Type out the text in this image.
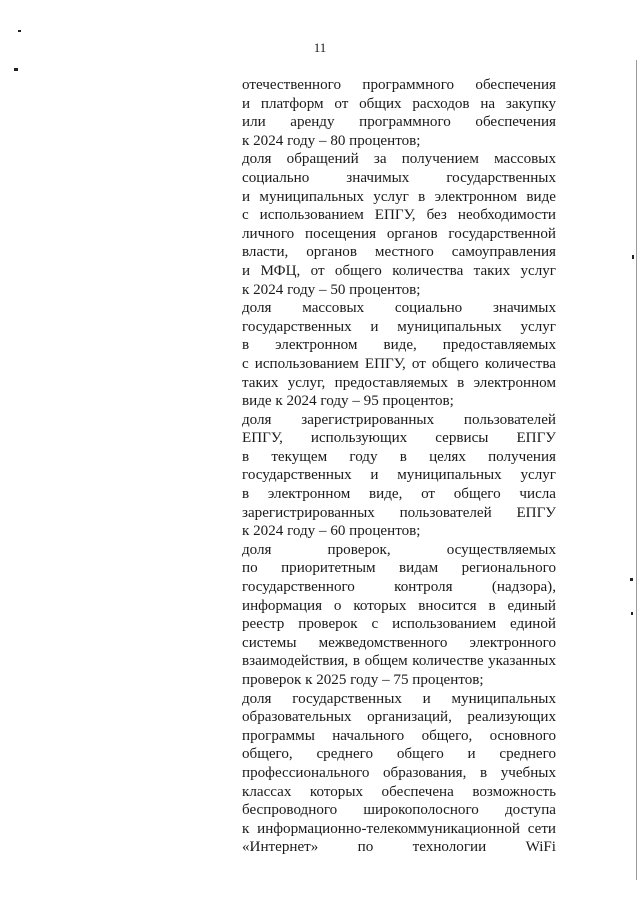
11
отечественного программного обеспечения
и платформ от общих расходов на закупку
или аренду программного обеспечения
к 2024 году – 80 процентов;
доля обращений за получением массовых
социально значимых государственных
и муниципальных услуг в электронном виде
с использованием ЕПГУ, без необходимости
личного посещения органов государственной
власти, органов местного самоуправления
и МФЦ, от общего количества таких услуг
к 2024 году – 50 процентов;
доля массовых социально значимых
государственных и муниципальных услуг
в электронном виде, предоставляемых
с использованием ЕПГУ, от общего количества
таких услуг, предоставляемых в электронном
виде к 2024 году – 95 процентов;
доля зарегистрированных пользователей
ЕПГУ, использующих сервисы ЕПГУ
в текущем году в целях получения
государственных и муниципальных услуг
в электронном виде, от общего числа
зарегистрированных пользователей ЕПГУ
к 2024 году – 60 процентов;
доля проверок, осуществляемых
по приоритетным видам регионального
государственного контроля (надзора),
информация о которых вносится в единый
реестр проверок с использованием единой
системы межведомственного электронного
взаимодействия, в общем количестве указанных
проверок к 2025 году – 75 процентов;
доля государственных и муниципальных
образовательных организаций, реализующих
программы начального общего, основного
общего, среднего общего и среднего
профессионального образования, в учебных
классах которых обеспечена возможность
беспроводного широкополосного доступа
к информационно-телекоммуникационной сети
«Интернет» по технологии WiFi
